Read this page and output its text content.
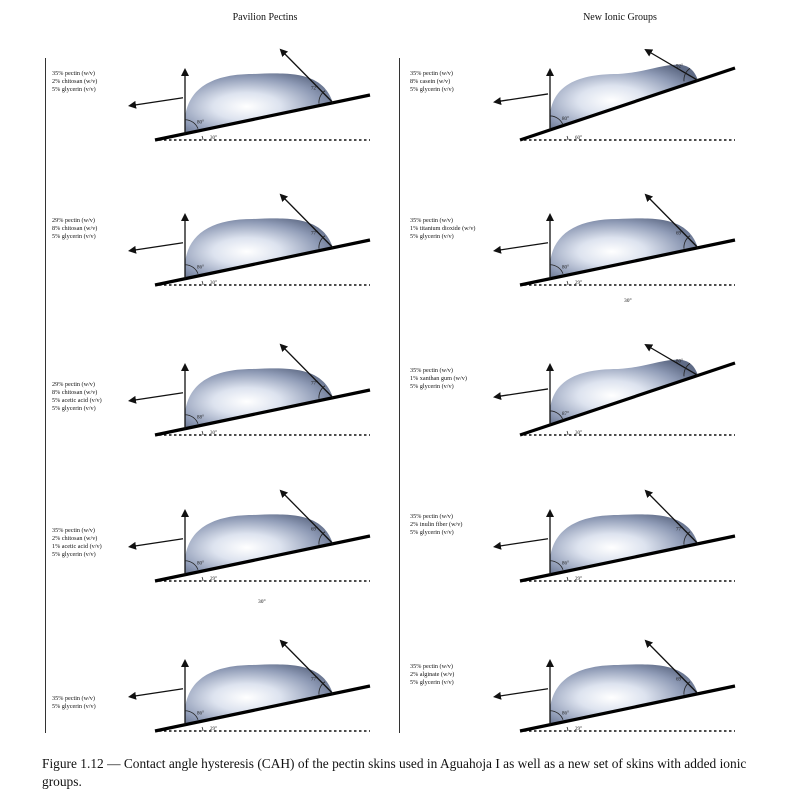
Pavilion Pectins	New Ionic Groups
80°
72°
30°
86°
77°
30°
88°
77°
30°
80°
69°
29°
86°
77°
29°
80°
92°
60°
80°
69°
29°
87°
80°
30°
86°
77°
29°
86°
69°
29°
35% pectin (w/v)
2% chitosan (w/v)
5% glycerin (v/v)
29% pectin (w/v)
8% chitosan (w/v)
5% glycerin (v/v)
29% pectin (w/v)
8% chitosan (w/v)
5% acetic acid (v/v)
5% glycerin (v/v)
35% pectin (w/v)
2% chitosan (w/v)
1% acetic acid (v/v)
5% glycerin (v/v)
35% pectin (w/v)
5% glycerin (v/v)
35% pectin (w/v)
8% casein (w/v)
5% glycerin (v/v)
35% pectin (w/v)
1% titanium dioxide (w/v)
5% glycerin (v/v)
35% pectin (w/v)
1% xanthan gum (w/v)
5% glycerin (v/v)
35% pectin (w/v)
2% inulin fiber (w/v)
5% glycerin (v/v)
35% pectin (w/v)
2% alginate (w/v)
5% glycerin (v/v)
30°
30°
Figure 1.12 — Contact angle hysteresis (CAH) of the pectin skins used in Aguahoja I as well as a new set of skins with added ionic groups.
